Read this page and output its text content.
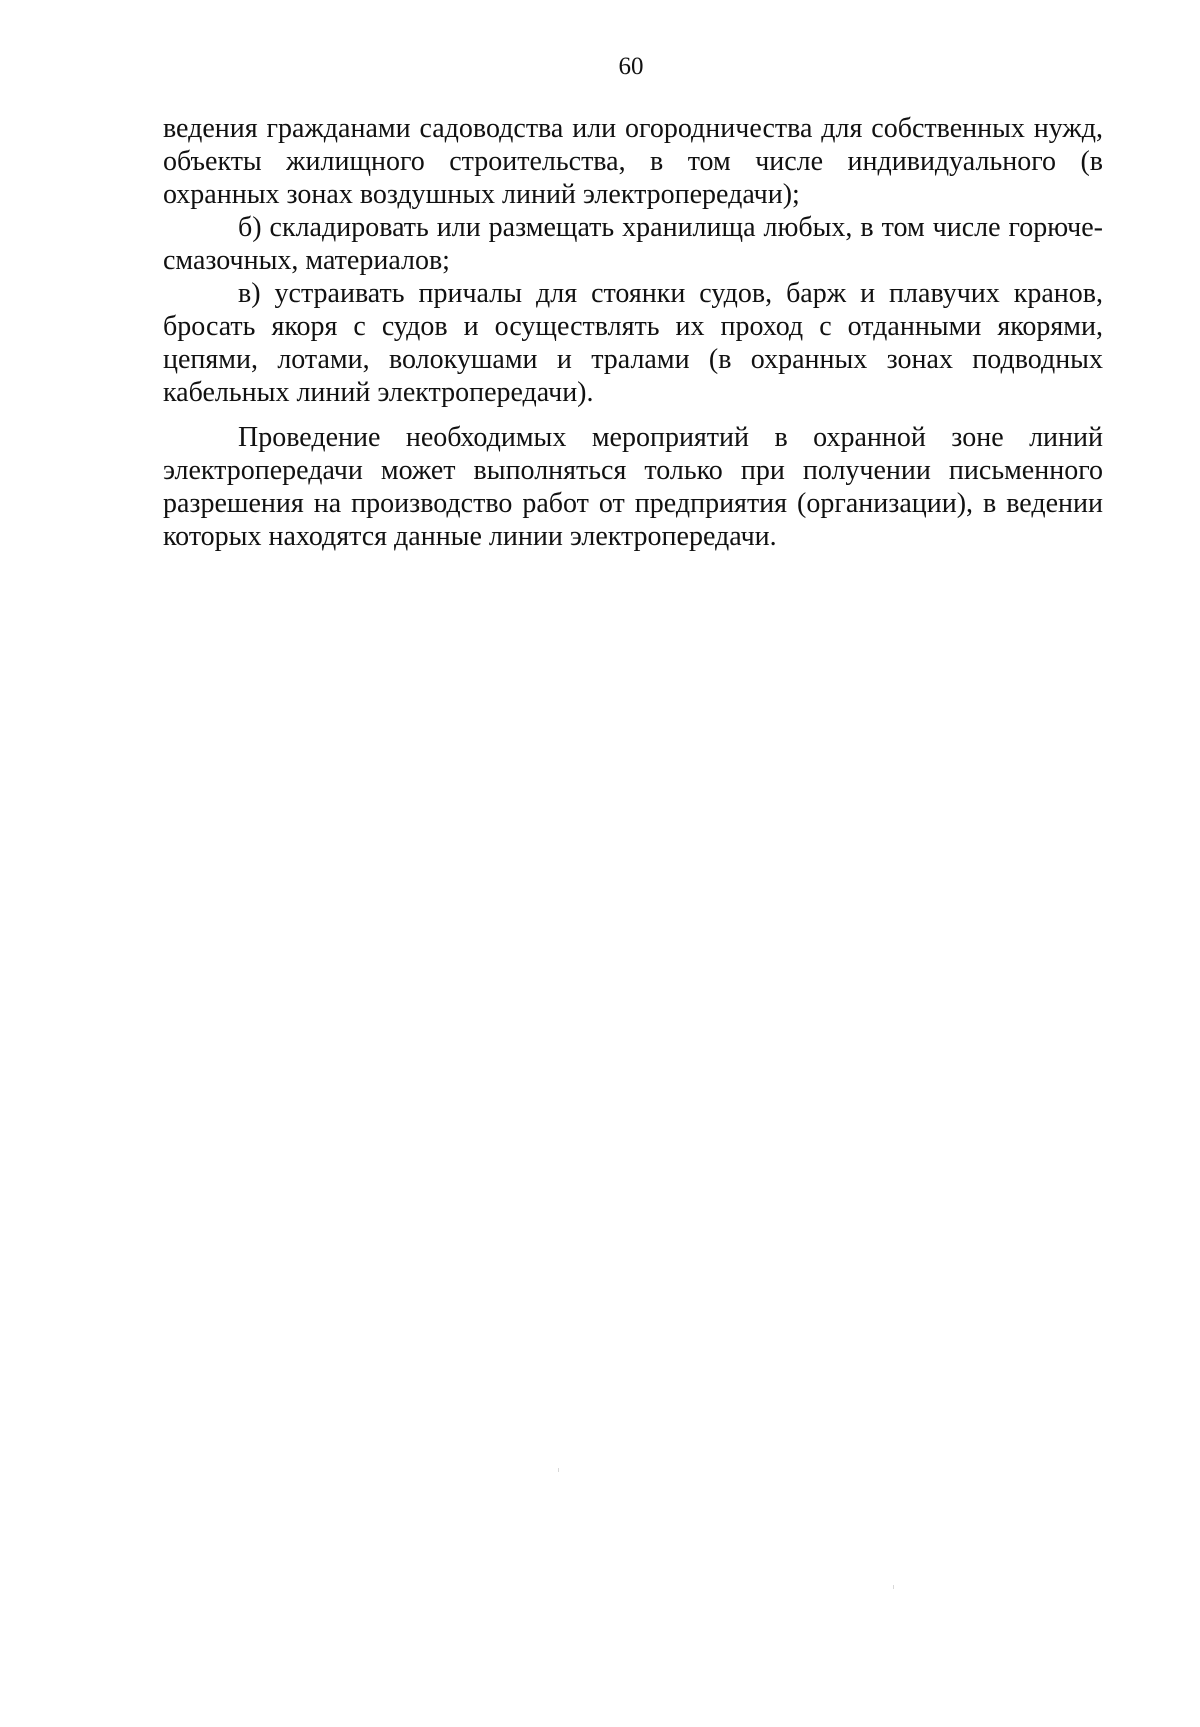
60

ведения гражданами садоводства или огородничества для собственных нужд, объекты жилищного строительства, в том числе индивидуального (в охранных зонах воздушных линий электропередачи);

б) складировать или размещать хранилища любых, в том числе горюче-смазочных, материалов;

в) устраивать причалы для стоянки судов, барж и плавучих кранов, бросать якоря с судов и осуществлять их проход с отданными якорями, цепями, лотами, волокушами и тралами (в охранных зонах подводных кабельных линий электропередачи).

Проведение необходимых мероприятий в охранной зоне линий электропередачи может выполняться только при получении письменного разрешения на производство работ от предприятия (организации), в ведении которых находятся данные линии электропередачи.
